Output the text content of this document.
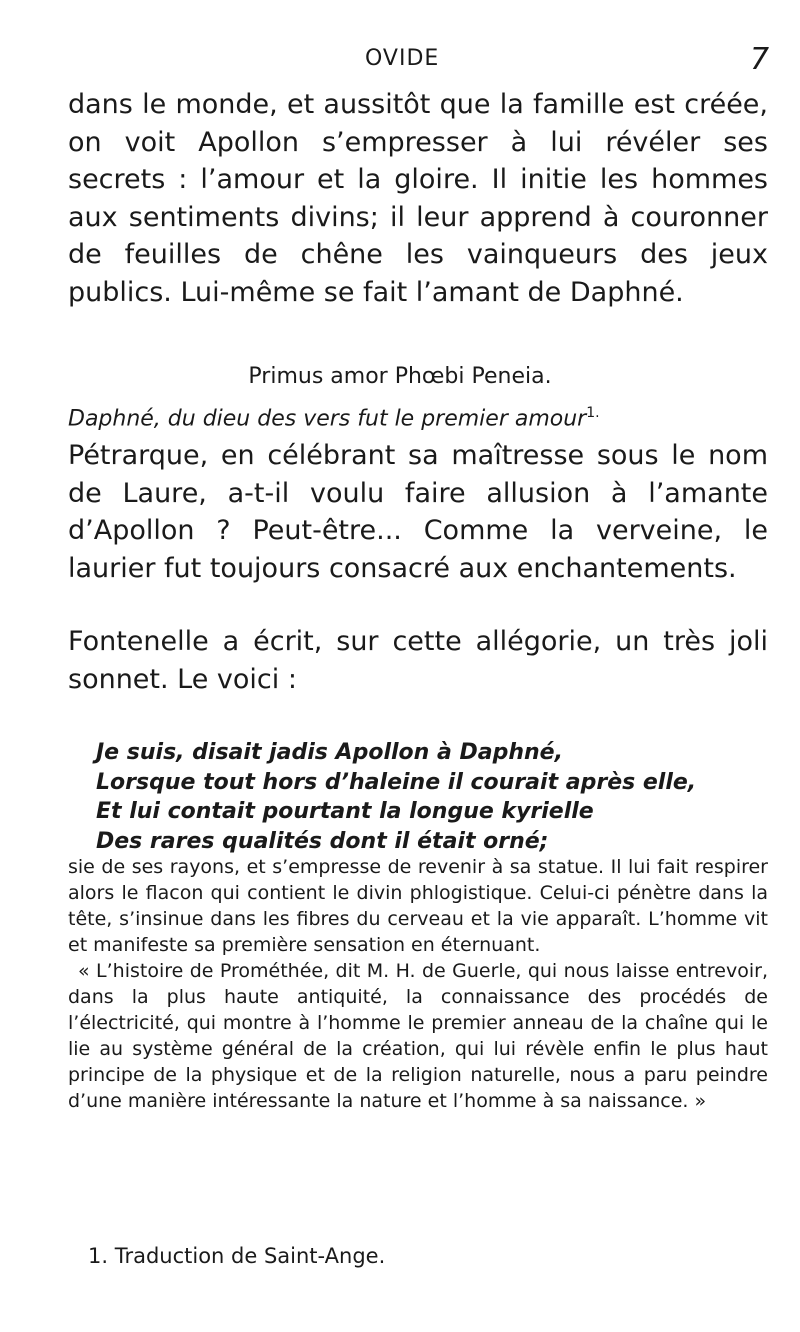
OVIDE	7

dans le monde, et aussitôt que la famille est créée, on voit Apollon s’empresser à lui révéler ses secrets : l’amour et la gloire. Il initie les hommes aux sentiments divins; il leur apprend à couronner de feuilles de chêne les vainqueurs des jeux publics. Lui-même se fait l’amant de Daphné.

Primus amor Phœbi Peneia.

Daphné, du dieu des vers fut le premier amour$^{1.}$

Pétrarque, en célébrant sa maîtresse sous le nom de Laure, a-t-il voulu faire allusion à l’amante d’Apollon ? Peut-être... Comme la verveine, le laurier fut toujours consacré aux enchantements.

Fontenelle a écrit, sur cette allégorie, un très joli sonnet. Le voici :

Je suis, disait jadis Apollon à Daphné,
Lorsque tout hors d’haleine il courait après elle,
Et lui contait pourtant la longue kyrielle
Des rares qualités dont il était orné;

sie de ses rayons, et s’empresse de revenir à sa statue. Il lui fait respirer alors le flacon qui contient le divin phlogistique. Celui-ci pénètre dans la tête, s’insinue dans les fibres du cerveau et la vie apparaît. L’homme vit et manifeste sa première sensation en éternuant.

« L’histoire de Prométhée, dit M. H. de Guerle, qui nous laisse entrevoir, dans la plus haute antiquité, la connaissance des procédés de l’électricité, qui montre à l’homme le premier anneau de la chaîne qui le lie au système général de la création, qui lui révèle enfin le plus haut principe de la physique et de la religion naturelle, nous a paru peindre d’une manière intéressante la nature et l’homme à sa naissance. »

1. Traduction de Saint-Ange.
